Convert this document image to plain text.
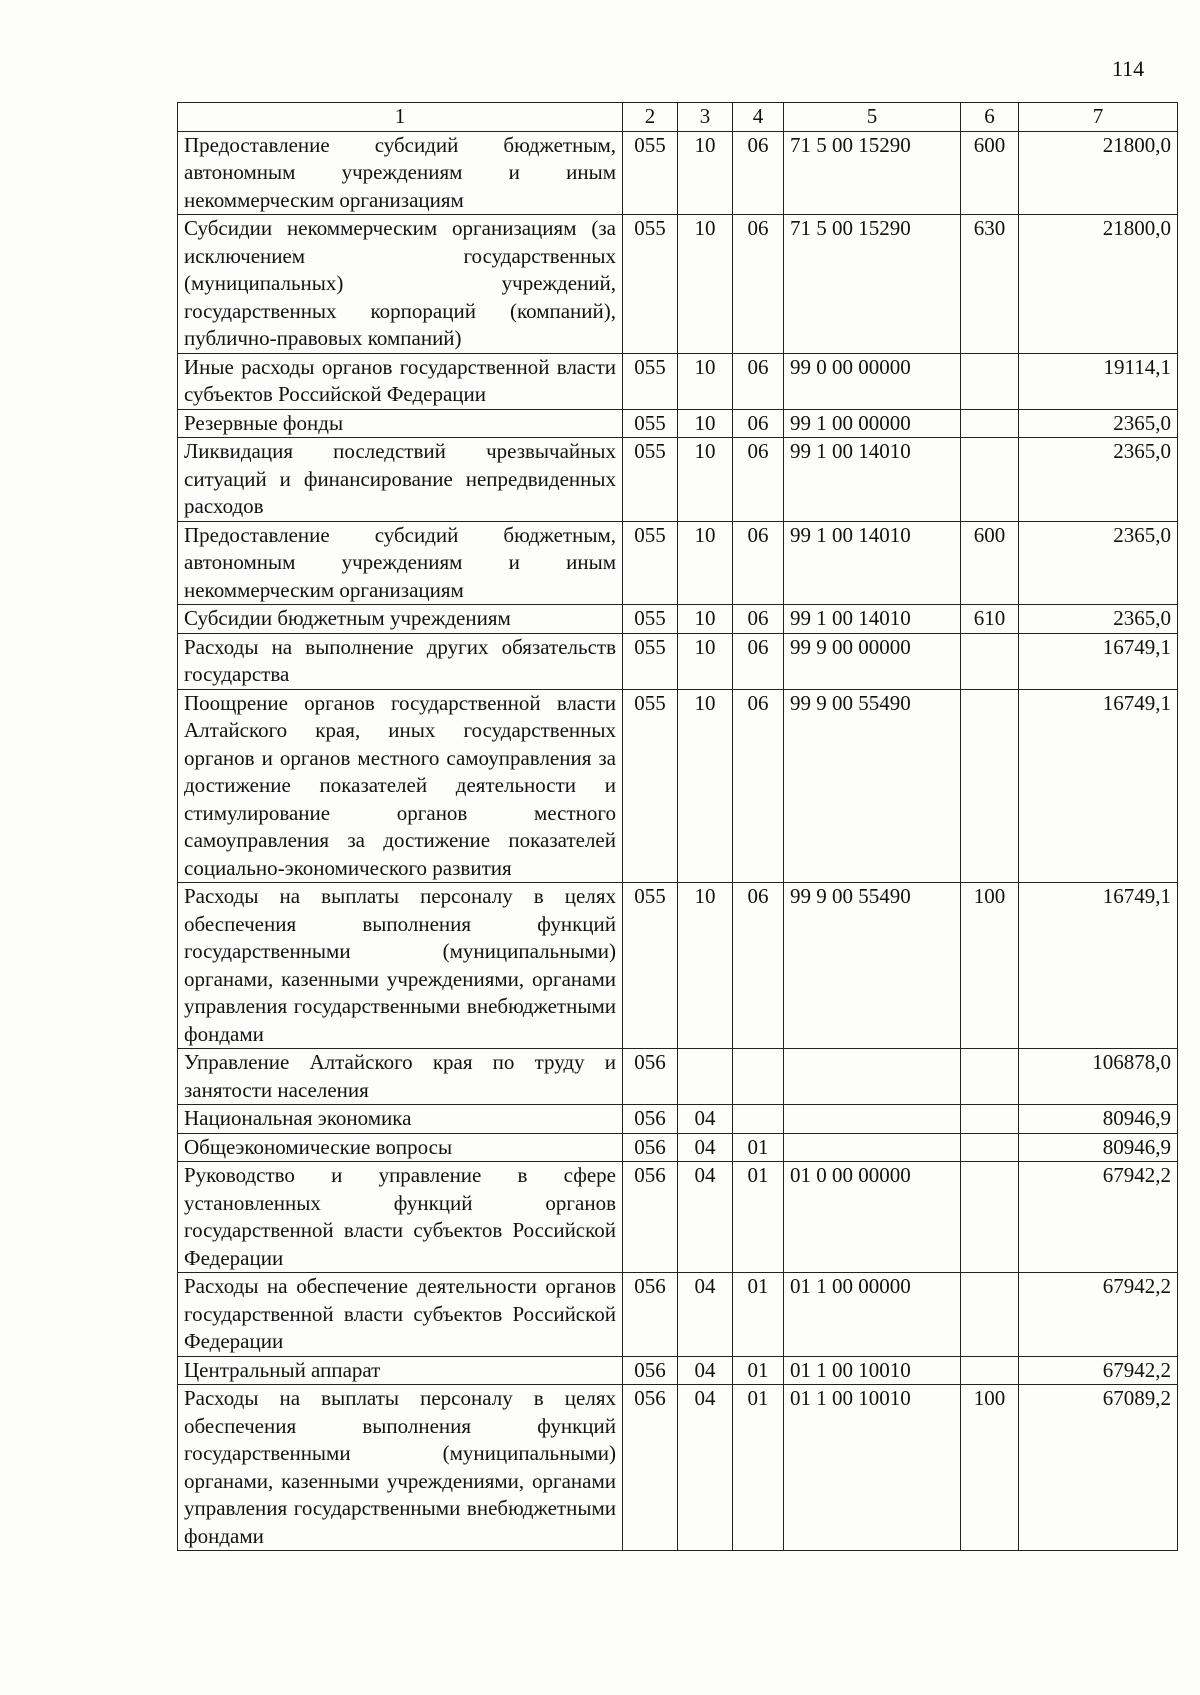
114
1	2	3	4	5	6	7
Предоставление субсидий бюджетным, автономным учреждениям и иным некоммерческим организациям	055	10	06	71 5 00 15290	600	21800,0
Субсидии некоммерческим организациям (за исключением государственных (муниципальных) учреждений, государственных корпораций (компаний), публично-правовых компаний)	055	10	06	71 5 00 15290	630	21800,0
Иные расходы органов государственной власти субъектов Российской Федерации	055	10	06	99 0 00 00000		19114,1
Резервные фонды	055	10	06	99 1 00 00000		2365,0
Ликвидация последствий чрезвычайных ситуаций и финансирование непредвиденных расходов	055	10	06	99 1 00 14010		2365,0
Предоставление субсидий бюджетным, автономным учреждениям и иным некоммерческим организациям	055	10	06	99 1 00 14010	600	2365,0
Субсидии бюджетным учреждениям	055	10	06	99 1 00 14010	610	2365,0
Расходы на выполнение других обязательств государства	055	10	06	99 9 00 00000		16749,1
Поощрение органов государственной власти Алтайского края, иных государственных органов и органов местного самоуправления за достижение показателей деятельности и стимулирование органов местного самоуправления за достижение показателей социально-экономического развития	055	10	06	99 9 00 55490		16749,1
Расходы на выплаты персоналу в целях обеспечения выполнения функций государственными (муниципальными) органами, казенными учреждениями, органами управления государственными внебюджетными фондами	055	10	06	99 9 00 55490	100	16749,1
Управление Алтайского края по труду и занятости населения	056					106878,0
Национальная экономика	056	04				80946,9
Общеэкономические вопросы	056	04	01			80946,9
Руководство и управление в сфере установленных функций органов государственной власти субъектов Российской Федерации	056	04	01	01 0 00 00000		67942,2
Расходы на обеспечение деятельности органов государственной власти субъектов Российской Федерации	056	04	01	01 1 00 00000		67942,2
Центральный аппарат	056	04	01	01 1 00 10010		67942,2
Расходы на выплаты персоналу в целях обеспечения выполнения функций государственными (муниципальными) органами, казенными учреждениями, органами управления государственными внебюджетными фондами	056	04	01	01 1 00 10010	100	67089,2
